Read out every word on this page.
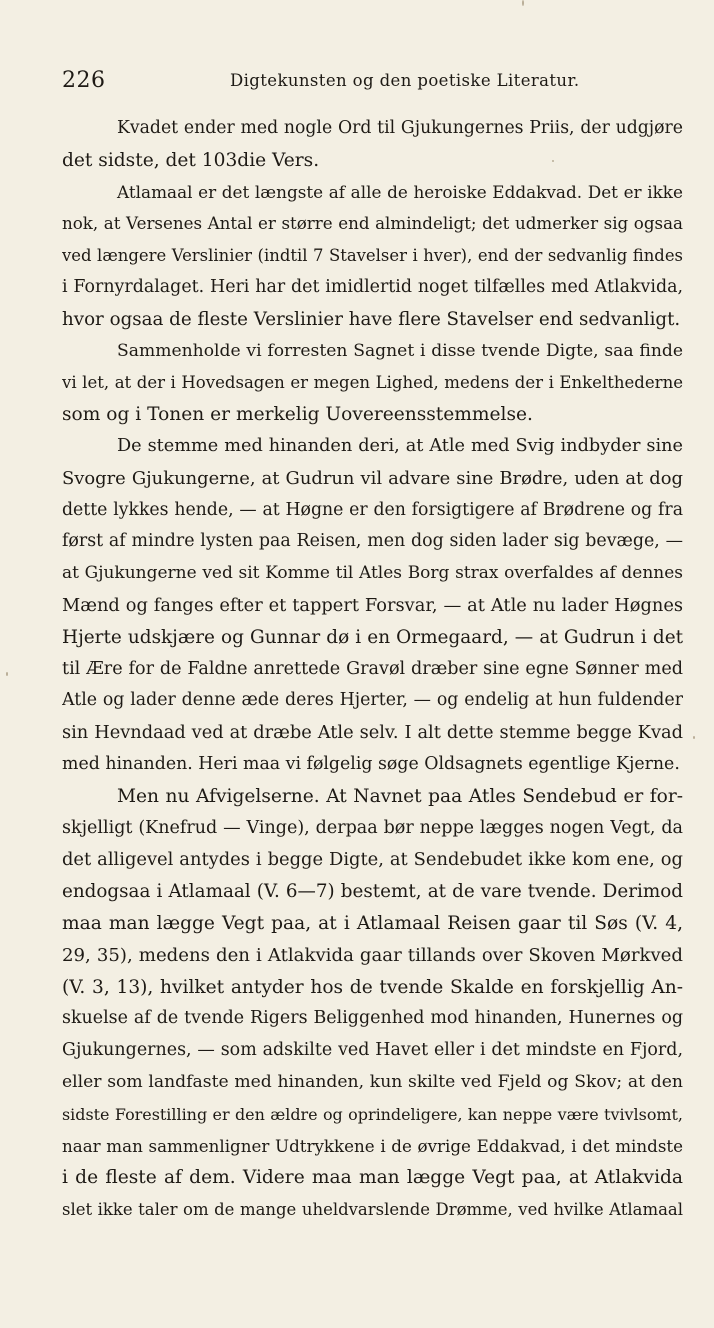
226	Digtekunsten og den poetiske Literatur.
Kvadet ender med nogle Ord til Gjukungernes Priis, der udgjøre
det sidste, det 103die Vers.
Atlamaal er det længste af alle de heroiske Eddakvad. Det er ikke
nok, at Versenes Antal er større end almindeligt; det udmerker sig ogsaa
ved længere Verslinier (indtil 7 Stavelser i hver), end der sedvanlig findes
i Fornyrdalaget. Heri har det imidlertid noget tilfælles med Atlakvida,
hvor ogsaa de fleste Verslinier have flere Stavelser end sedvanligt.
Sammenholde vi forresten Sagnet i disse tvende Digte, saa finde
vi let, at der i Hovedsagen er megen Lighed, medens der i Enkelthederne
som og i Tonen er merkelig Uovereensstemmelse.
De stemme med hinanden deri, at Atle med Svig indbyder sine
Svogre Gjukungerne, at Gudrun vil advare sine Brødre, uden at dog
dette lykkes hende, — at Høgne er den forsigtigere af Brødrene og fra
først af mindre lysten paa Reisen, men dog siden lader sig bevæge, —
at Gjukungerne ved sit Komme til Atles Borg strax overfaldes af dennes
Mænd og fanges efter et tappert Forsvar, — at Atle nu lader Høgnes
Hjerte udskjære og Gunnar dø i en Ormegaard, — at Gudrun i det
til Ære for de Faldne anrettede Gravøl dræber sine egne Sønner med
Atle og lader denne æde deres Hjerter, — og endelig at hun fuldender
sin Hevndaad ved at dræbe Atle selv. I alt dette stemme begge Kvad
med hinanden. Heri maa vi følgelig søge Oldsagnets egentlige Kjerne.
Men nu Afvigelserne. At Navnet paa Atles Sendebud er for-
skjelligt (Knefrud — Vinge), derpaa bør neppe lægges nogen Vegt, da
det alligevel antydes i begge Digte, at Sendebudet ikke kom ene, og
endogsaa i Atlamaal (V. 6—7) bestemt, at de vare tvende. Derimod
maa man lægge Vegt paa, at i Atlamaal Reisen gaar til Søs (V. 4,
29, 35), medens den i Atlakvida gaar tillands over Skoven Mørkved
(V. 3, 13), hvilket antyder hos de tvende Skalde en forskjellig An-
skuelse af de tvende Rigers Beliggenhed mod hinanden, Hunernes og
Gjukungernes, — som adskilte ved Havet eller i det mindste en Fjord,
eller som landfaste med hinanden, kun skilte ved Fjeld og Skov; at den
sidste Forestilling er den ældre og oprindeligere, kan neppe være tvivlsomt,
naar man sammenligner Udtrykkene i de øvrige Eddakvad, i det mindste
i de fleste af dem. Videre maa man lægge Vegt paa, at Atlakvida
slet ikke taler om de mange uheldvarslende Drømme, ved hvilke Atlamaal
